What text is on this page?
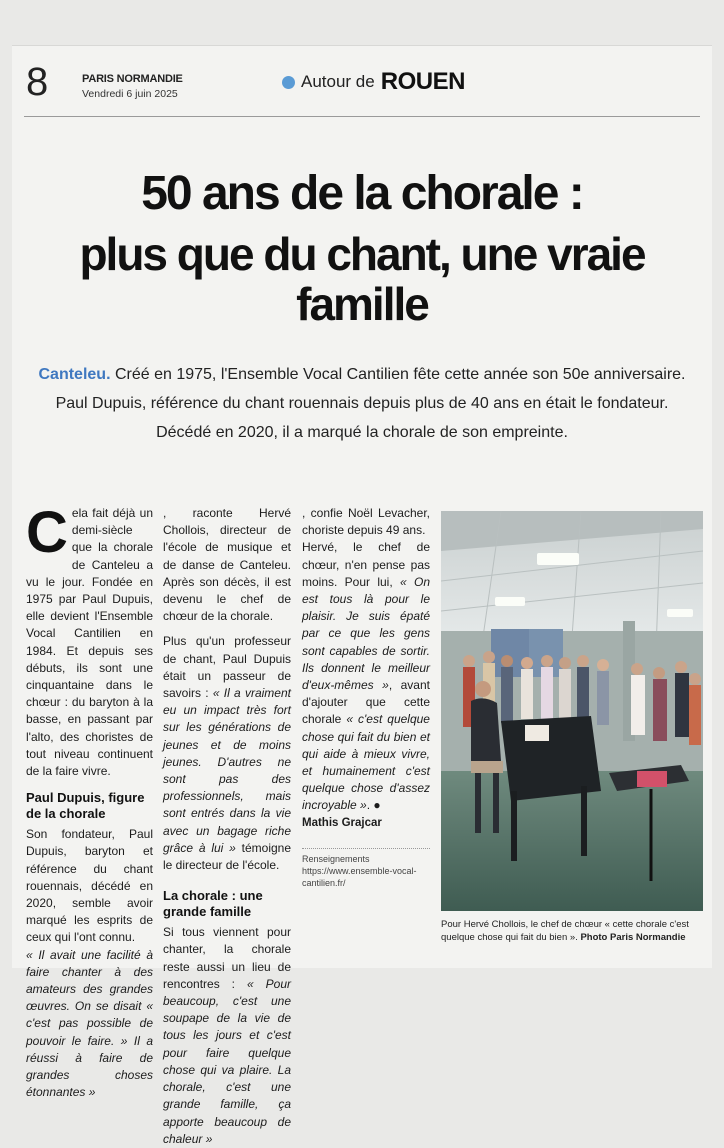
8	PARIS NORMANDIE
Vendredi 6 juin 2025
Autour de ROUEN
50 ans de la chorale :
plus que du chant, une vraie famille
Canteleu. Créé en 1975, l'Ensemble Vocal Cantilien fête cette année son 50e anniversaire.
Paul Dupuis, référence du chant rouennais depuis plus de 40 ans en était le fondateur.
Décédé en 2020, il a marqué la chorale de son empreinte.

Cela fait déjà un demi-siècle que la chorale de Canteleu a vu le jour. Fondée en 1975 par Paul Dupuis, elle devient l'Ensemble Vocal Cantilien en 1984. Et depuis ses débuts, ils sont une cinquantaine dans le chœur : du baryton à la basse, en passant par l'alto, des choristes de tout niveau continuent de la faire vivre.

Paul Dupuis, figure de la chorale

Son fondateur, Paul Dupuis, baryton et référence du chant rouennais, décédé en 2020, semble avoir marqué les esprits de ceux qui l'ont connu.

« Il avait une facilité à faire chanter à des amateurs des grandes œuvres. On se disait « c'est pas possible de pouvoir le faire. » Il a réussi à faire de grandes choses étonnantes »

, raconte Hervé Chollois, directeur de l'école de musique et de danse de Canteleu. Après son décès, il est devenu le chef de chœur de la chorale.

Plus qu'un professeur de chant, Paul Dupuis était un passeur de savoirs : « Il a vraiment eu un impact très fort sur les générations de jeunes et de moins jeunes. D'autres ne sont pas des professionnels, mais sont entrés dans la vie avec un bagage riche grâce à lui » témoigne le directeur de l'école.

La chorale : une grande famille

Si tous viennent pour chanter, la chorale reste aussi un lieu de rencontres : « Pour beaucoup, c'est une soupape de la vie de tous les jours et c'est pour faire quelque chose qui va plaire. La chorale, c'est une grande famille, ça apporte beaucoup de chaleur »

, confie Noël Levacher, choriste depuis 49 ans.

Hervé, le chef de chœur, n'en pense pas moins. Pour lui, « On est tous là pour le plaisir. Je suis épaté par ce que les gens sont capables de sortir. Ils donnent le meilleur d'eux-mêmes », avant d'ajouter que cette chorale « c'est quelque chose qui fait du bien et qui aide à mieux vivre, et humainement c'est quelque chose d'assez incroyable ». ●

Mathis Grajcar
Renseignements
https://www.ensemble-vocal-cantilien.fr/
Pour Hervé Chollois, le chef de chœur « cette chorale c'est quelque chose qui fait du bien ». Photo Paris Normandie
